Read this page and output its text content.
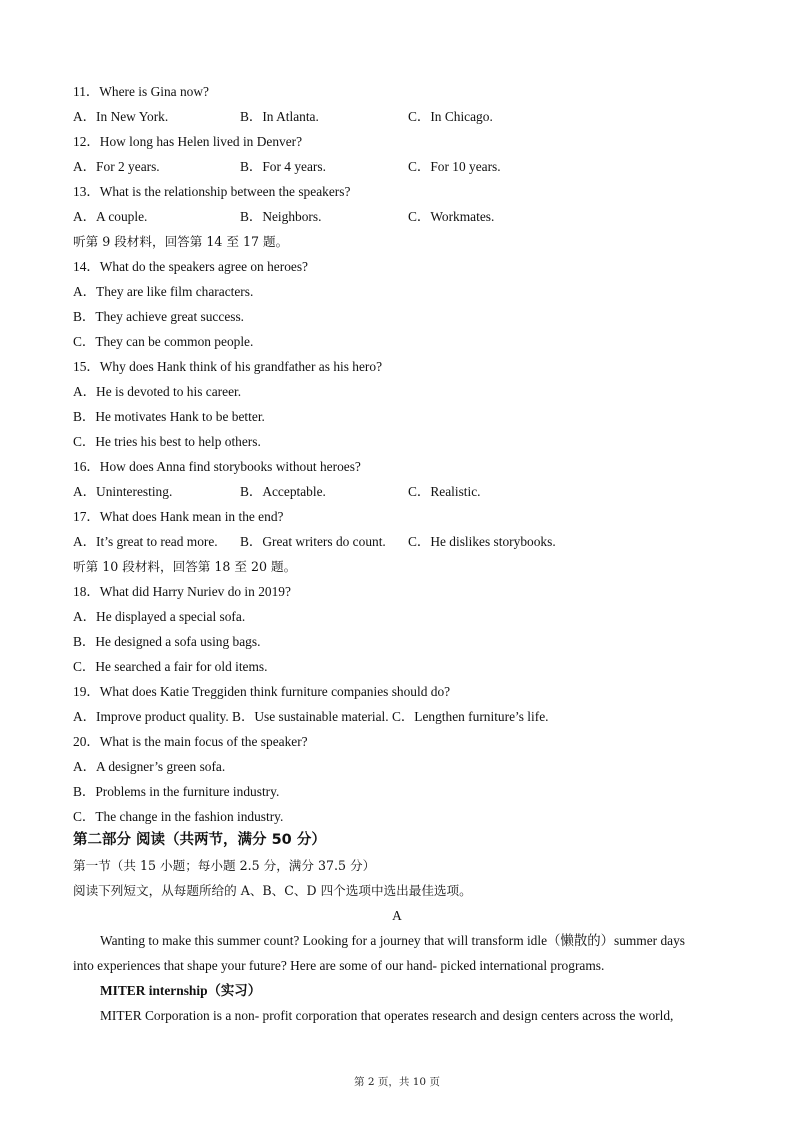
11．Where is Gina now?
A．In New York.	B．In Atlanta.	C．In Chicago.
12．How long has Helen lived in Denver?
A．For 2 years.	B．For 4 years.	C．For 10 years.
13．What is the relationship between the speakers?
A．A couple.	B．Neighbors.	C．Workmates.
听第 9 段材料，回答第 14 至 17 题。
14．What do the speakers agree on heroes?
A．They are like film characters.
B．They achieve great success.
C．They can be common people.
15．Why does Hank think of his grandfather as his hero?
A．He is devoted to his career.
B．He motivates Hank to be better.
C．He tries his best to help others.
16．How does Anna find storybooks without heroes?
A．Uninteresting.	B．Acceptable.	C．Realistic.
17．What does Hank mean in the end?
A．It’s great to read more. B．Great writers do count. C．He dislikes storybooks.
听第 10 段材料，回答第 18 至 20 题。
18．What did Harry Nuriev do in 2019?
A．He displayed a special sofa.
B．He designed a sofa using bags.
C．He searched a fair for old items.
19．What does Katie Treggiden think furniture companies should do?
A．Improve product quality. B．Use sustainable material. C．Lengthen furniture’s life.
20．What is the main focus of the speaker?
A．A designer’s green sofa.
B．Problems in the furniture industry.
C．The change in the fashion industry.
第二部分 阅读（共两节，满分 50 分）
第一节（共 15 小题；每小题 2.5 分，满分 37.5 分）
阅读下列短文，从每题所给的 A、B、C、D 四个选项中选出最佳选项。
A
Wanting to make this summer count? Looking for a journey that will transform idle（懒散的）summer days
into experiences that shape your future? Here are some of our hand- picked international programs.
MITER internship（实习）
MITER Corporation is a non- profit corporation that operates research and design centers across the world,
第 2 页，共 10 页
